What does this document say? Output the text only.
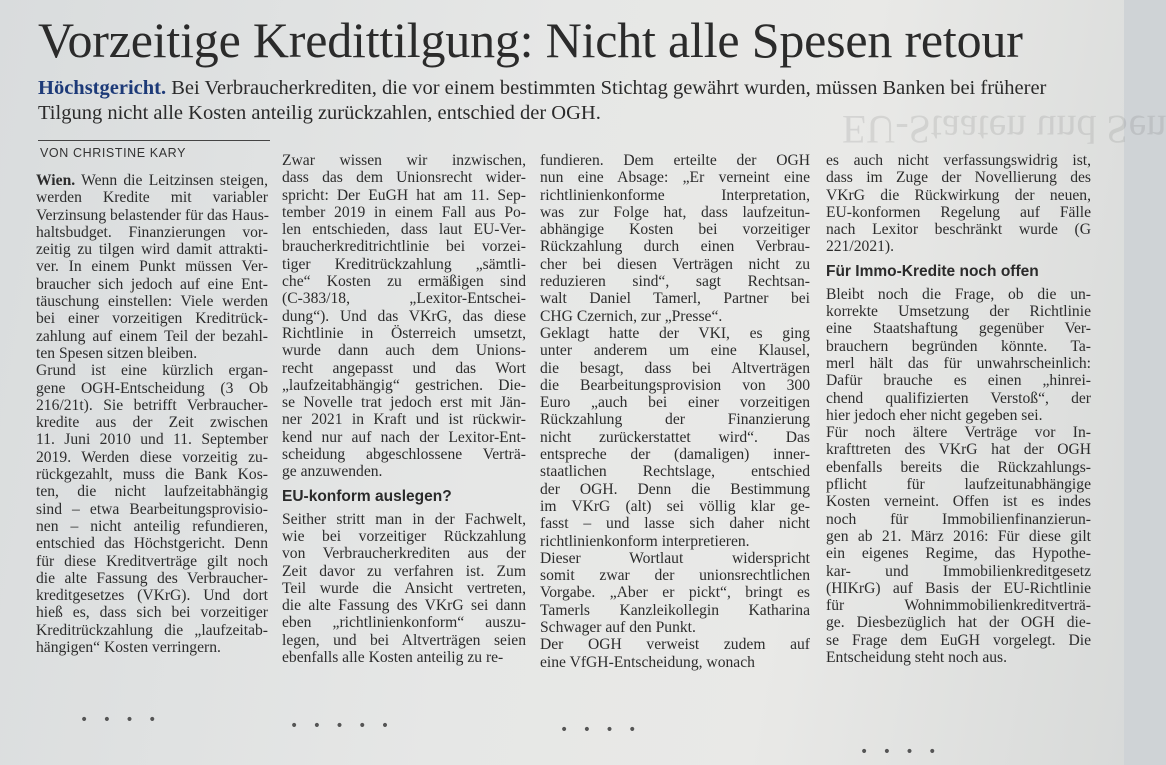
EU-Staaten und Sen
Vorzeitige Kredittilgung: Nicht alle Spesen retour
Höchstgericht. Bei Verbraucherkrediten, die vor einem bestimmten Stichtag gewährt wurden, müssen Banken bei früherer Tilgung nicht alle Kosten anteilig zurückzahlen, entschied der OGH.
VON CHRISTINE KARY
Wien. Wenn die Leitzinsen steigen,
werden Kredite mit variabler
Verzinsung belastender für das Haus-
haltsbudget. Finanzierungen vor-
zeitig zu tilgen wird damit attrakti-
ver. In einem Punkt müssen Ver-
braucher sich jedoch auf eine Ent-
täuschung einstellen: Viele werden
bei einer vorzeitigen Kreditrück-
zahlung auf einem Teil der bezahl-
ten Spesen sitzen bleiben.
Grund ist eine kürzlich ergan-
gene OGH-Entscheidung (3 Ob
216/21t). Sie betrifft Verbraucher-
kredite aus der Zeit zwischen
11. Juni 2010 und 11. September
2019. Werden diese vorzeitig zu-
rückgezahlt, muss die Bank Kos-
ten, die nicht laufzeitabhängig
sind – etwa Bearbeitungsprovisio-
nen – nicht anteilig refundieren,
entschied das Höchstgericht. Denn
für diese Kreditverträge gilt noch
die alte Fassung des Verbraucher-
kreditgesetzes (VKrG). Und dort
hieß es, dass sich bei vorzeitiger
Kreditrückzahlung die „laufzeitab-
hängigen“ Kosten verringern.
Zwar wissen wir inzwischen,
dass das dem Unionsrecht wider-
spricht: Der EuGH hat am 11. Sep-
tember 2019 in einem Fall aus Po-
len entschieden, dass laut EU-Ver-
braucherkreditrichtlinie bei vorzei-
tiger Kreditrückzahlung „sämtli-
che“ Kosten zu ermäßigen sind
(C-383/18, „Lexitor-Entschei-
dung“). Und das VKrG, das diese
Richtlinie in Österreich umsetzt,
wurde dann auch dem Unions-
recht angepasst und das Wort
„laufzeitabhängig“ gestrichen. Die-
se Novelle trat jedoch erst mit Jän-
ner 2021 in Kraft und ist rückwir-
kend nur auf nach der Lexitor-Ent-
scheidung abgeschlossene Verträ-
ge anzuwenden.
EU-konform auslegen?
Seither stritt man in der Fachwelt,
wie bei vorzeitiger Rückzahlung
von Verbraucherkrediten aus der
Zeit davor zu verfahren ist. Zum
Teil wurde die Ansicht vertreten,
die alte Fassung des VKrG sei dann
eben „richtlinienkonform“ auszu-
legen, und bei Altverträgen seien
ebenfalls alle Kosten anteilig zu re-
fundieren. Dem erteilte der OGH
nun eine Absage: „Er verneint eine
richtlinienkonforme Interpretation,
was zur Folge hat, dass laufzeitun-
abhängige Kosten bei vorzeitiger
Rückzahlung durch einen Verbrau-
cher bei diesen Verträgen nicht zu
reduzieren sind“, sagt Rechtsan-
walt Daniel Tamerl, Partner bei
CHG Czernich, zur „Presse“.
Geklagt hatte der VKI, es ging
unter anderem um eine Klausel,
die besagt, dass bei Altverträgen
die Bearbeitungsprovision von 300
Euro „auch bei einer vorzeitigen
Rückzahlung der Finanzierung
nicht zurückerstattet wird“. Das
entspreche der (damaligen) inner-
staatlichen Rechtslage, entschied
der OGH. Denn die Bestimmung
im VKrG (alt) sei völlig klar ge-
fasst – und lasse sich daher nicht
richtlinienkonform interpretieren.
Dieser Wortlaut widerspricht
somit zwar der unionsrechtlichen
Vorgabe. „Aber er pickt“, bringt es
Tamerls Kanzleikollegin Katharina
Schwager auf den Punkt.
Der OGH verweist zudem auf
eine VfGH-Entscheidung, wonach
es auch nicht verfassungswidrig ist,
dass im Zuge der Novellierung des
VKrG die Rückwirkung der neuen,
EU-konformen Regelung auf Fälle
nach Lexitor beschränkt wurde (G
221/2021).
Für Immo-Kredite noch offen
Bleibt noch die Frage, ob die un-
korrekte Umsetzung der Richtlinie
eine Staatshaftung gegenüber Ver-
brauchern begründen könnte. Ta-
merl hält das für unwahrscheinlich:
Dafür brauche es einen „hinrei-
chend qualifizierten Verstoß“, der
hier jedoch eher nicht gegeben sei.
Für noch ältere Verträge vor In-
krafttreten des VKrG hat der OGH
ebenfalls bereits die Rückzahlungs-
pflicht für laufzeitunabhängige
Kosten verneint. Offen ist es indes
noch für Immobilienfinanzierun-
gen ab 21. März 2016: Für diese gilt
ein eigenes Regime, das Hypothe-
kar- und Immobilienkreditgesetz
(HIKrG) auf Basis der EU-Richtlinie
für Wohnimmobilienkreditverträ-
ge. Diesbezüglich hat der OGH die-
se Frage dem EuGH vorgelegt. Die
Entscheidung steht noch aus.
• • • •	• • • • •	• • • •
• • • •
